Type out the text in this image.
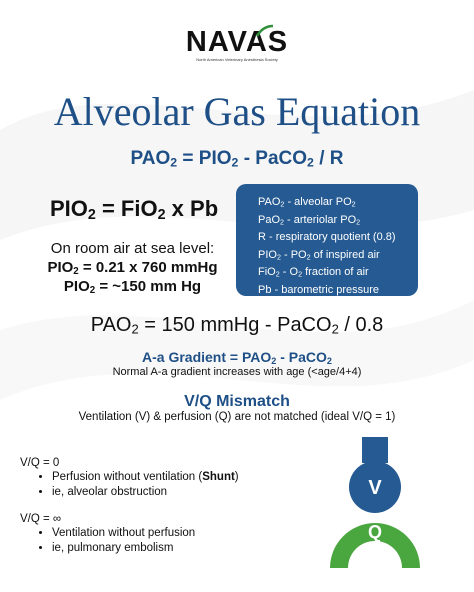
NAVAS
North American Veterinary Anesthesia Society
Alveolar Gas Equation
$PAO_2 = PIO_2$ - PaCO$_2$ / R
$PIO_2 = FiO_2$ x Pb
On room air at sea level:
$PIO_2 = 0.21$ x 760 mmHg
$PIO_2$ = ~150 mm Hg
$PAO_2$ - alveolar $PO_2$
PaO$_2$ - arteriolar $PO_2$
R - respiratory quotient (0.8)
$PIO_2 - PO_2$ of inspired air
$FiO_2 - O_2$ fraction of air
Pb - barometric pressure
$PAO_2 = 150$ mmHg - PaCO$_2$ / 0.8
A-a Gradient = $PAO_2$ - PaCO$_2$
Normal A-a gradient increases with age (<age/4+4)
V/Q Mismatch
Ventilation (V) & perfusion (Q) are not matched (ideal V/Q = 1)
V/Q = 0
• Perfusion without ventilation (Shunt)
• ie, alveolar obstruction
V/Q = ∞
• Ventilation without perfusion
• ie, pulmonary embolism
V
Q
